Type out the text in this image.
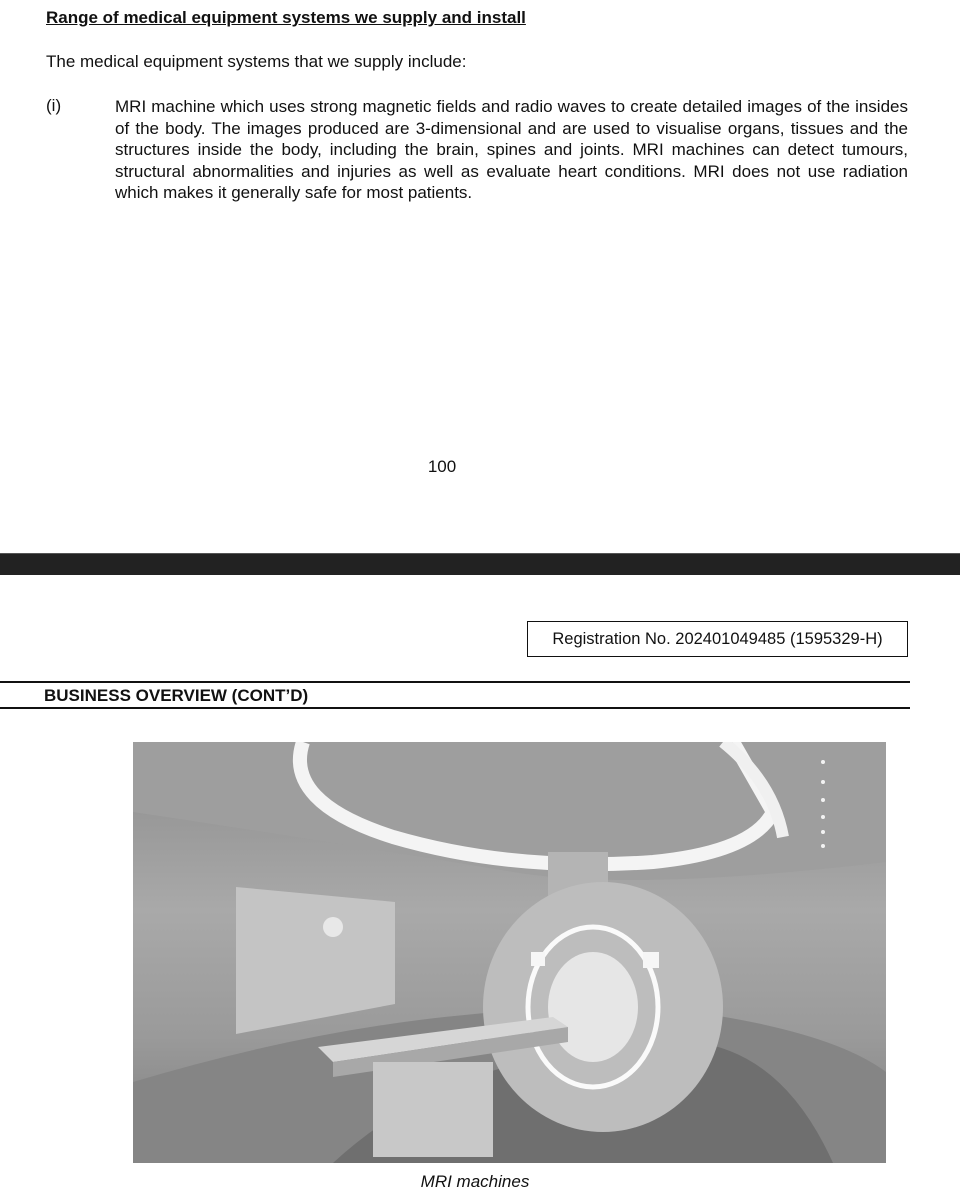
Range of medical equipment systems we supply and install
The medical equipment systems that we supply include:
(i)	MRI machine which uses strong magnetic fields and radio waves to create detailed images of the insides of the body. The images produced are 3-dimensional and are used to visualise organs, tissues and the structures inside the body, including the brain, spines and joints. MRI machines can detect tumours, structural abnormalities and injuries as well as evaluate heart conditions. MRI does not use radiation which makes it generally safe for most patients.
100
Registration No. 202401049485 (1595329-H)
BUSINESS OVERVIEW (CONT’D)
MRI machines
